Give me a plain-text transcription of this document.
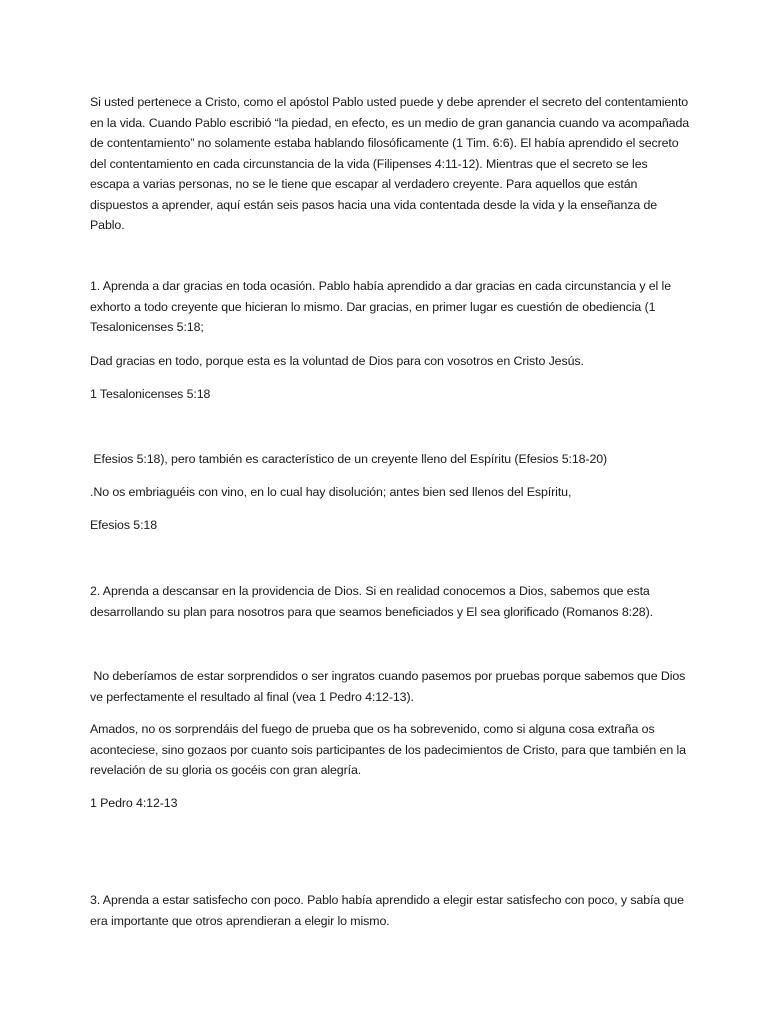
Si usted pertenece a Cristo, como el apóstol Pablo usted puede y debe aprender el secreto del contentamiento en la vida. Cuando Pablo escribió “la piedad, en efecto, es un medio de gran ganancia cuando va acompañada de contentamiento” no solamente estaba hablando filosóficamente (1 Tim. 6:6). El había aprendido el secreto del contentamiento en cada circunstancia de la vida (Filipenses 4:11-12). Mientras que el secreto se les escapa a varias personas, no se le tiene que escapar al verdadero creyente. Para aquellos que están dispuestos a aprender, aquí están seis pasos hacia una vida contentada desde la vida y la enseñanza de Pablo.

1. Aprenda a dar gracias en toda ocasión. Pablo había aprendido a dar gracias en cada circunstancia y el le exhorto a todo creyente que hicieran lo mismo. Dar gracias, en primer lugar es cuestión de obediencia (1 Tesalonicenses 5:18;

Dad gracias en todo, porque esta es la voluntad de Dios para con vosotros en Cristo Jesús.

1 Tesalonicenses 5:18

Efesios 5:18), pero también es característico de un creyente lleno del Espíritu (Efesios 5:18-20)

.No os embriaguéis con vino, en lo cual hay disolución; antes bien sed llenos del Espíritu,

Efesios 5:18

2. Aprenda a descansar en la providencia de Dios. Si en realidad conocemos a Dios, sabemos que esta desarrollando su plan para nosotros para que seamos beneficiados y El sea glorificado (Romanos 8:28).

No deberíamos de estar sorprendidos o ser ingratos cuando pasemos por pruebas porque sabemos que Dios ve perfectamente el resultado al final (vea 1 Pedro 4:12-13).

Amados, no os sorprendáis del fuego de prueba que os ha sobrevenido, como si alguna cosa extraña os aconteciese, sino gozaos por cuanto sois participantes de los padecimientos de Cristo, para que también en la revelación de su gloria os gocéis con gran alegría.

1 Pedro 4:12-13

3. Aprenda a estar satisfecho con poco. Pablo había aprendido a elegir estar satisfecho con poco, y sabía que era importante que otros aprendieran a elegir lo mismo.
